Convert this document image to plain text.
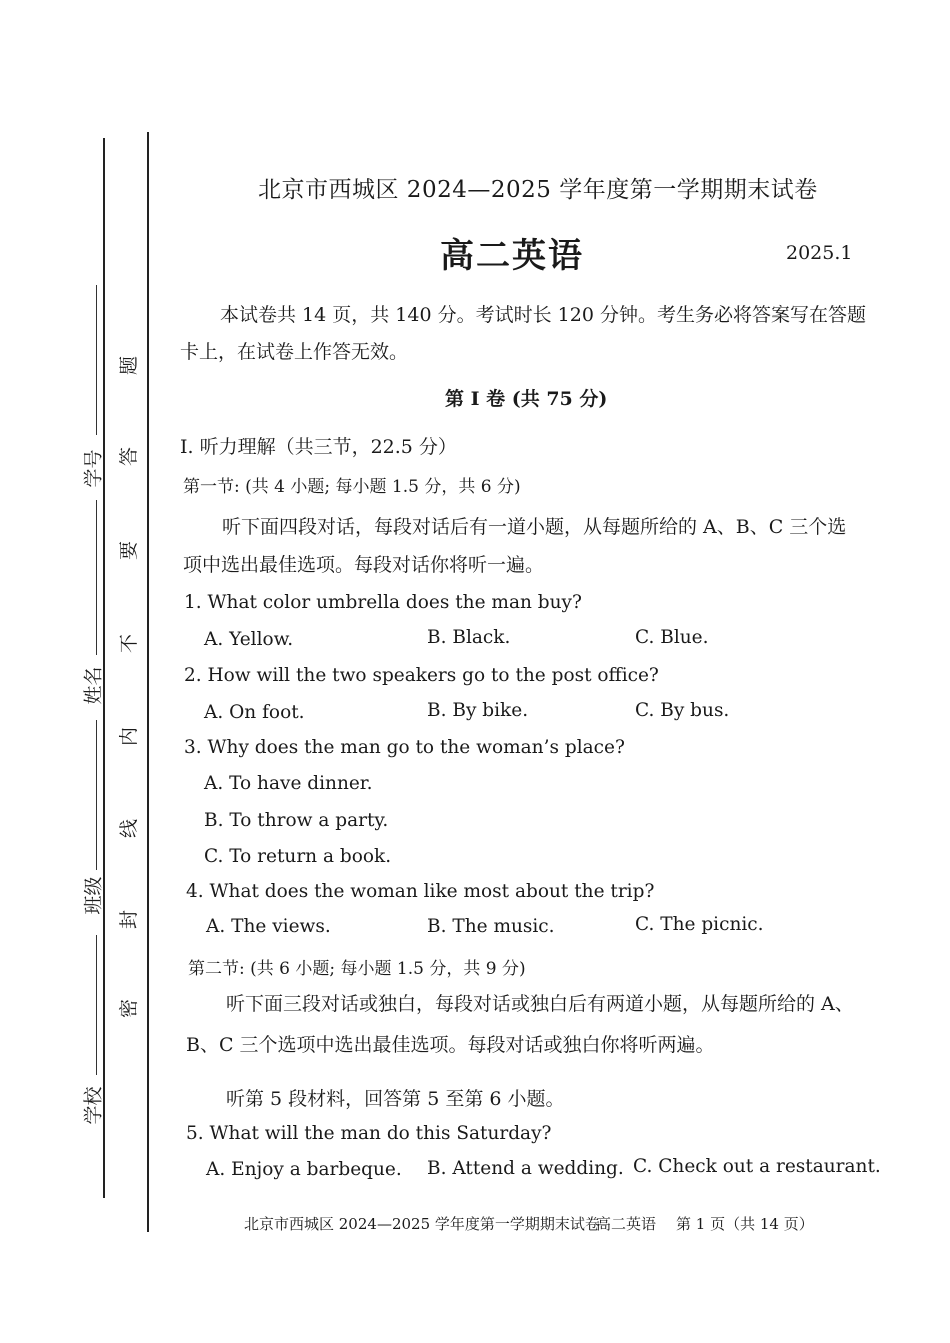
学号
姓名
班级
学校
题
答
要
不
内
线
封
密
北京市西城区 2024—2025 学年度第一学期期末试卷
高二英语	2025.1
本试卷共 14 页，共 140 分。考试时长 120 分钟。考生务必将答案写在答题
卡上，在试卷上作答无效。
第 I 卷 (共 75 分)
I. 听力理解（共三节，22.5 分）
第一节: (共 4 小题; 每小题 1.5 分，共 6 分)
听下面四段对话，每段对话后有一道小题，从每题所给的 A、B、C 三个选
项中选出最佳选项。每段对话你将听一遍。
1. What color umbrella does the man buy?
A. Yellow.	B. Black.	C. Blue.
2. How will the two speakers go to the post office?
A. On foot.	B. By bike.	C. By bus.
3. Why does the man go to the woman’s place?
A. To have dinner.
B. To throw a party.
C. To return a book.
4. What does the woman like most about the trip?
A. The views.	B. The music.	C. The picnic.
第二节: (共 6 小题; 每小题 1.5 分，共 9 分)
听下面三段对话或独白，每段对话或独白后有两道小题，从每题所给的 A、
B、C 三个选项中选出最佳选项。每段对话或独白你将听两遍。
听第 5 段材料，回答第 5 至第 6 小题。
5. What will the man do this Saturday?
A. Enjoy a barbeque. B. Attend a wedding. C. Check out a restaurant.
北京市西城区 2024—2025 学年度第一学期期末试卷
高二英语 第 1 页（共 14 页）
